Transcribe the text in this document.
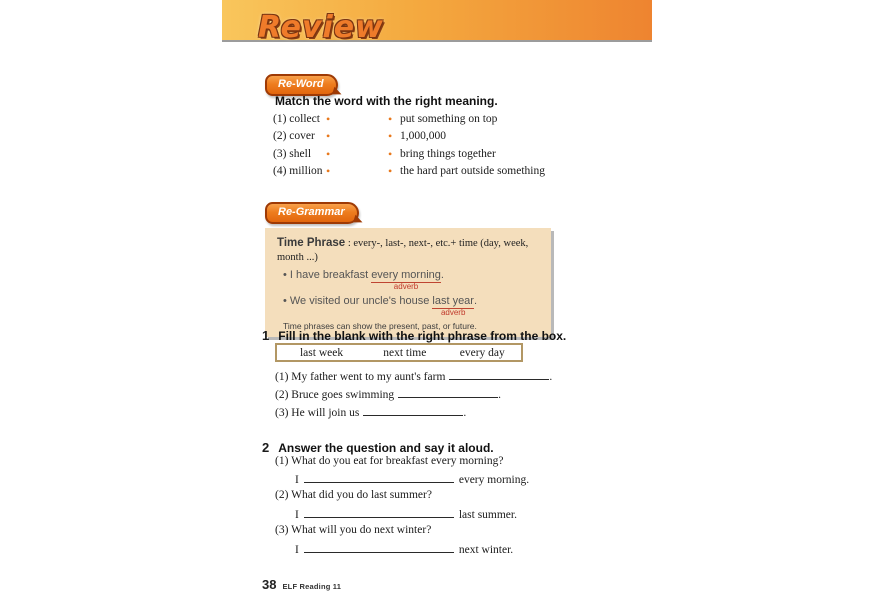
Review
Re-Word
Match the word with the right meaning.
(1) collect •	• put something on top
(2) cover •	• 1,000,000
(3) shell	•	• bring things together
(4) million •	• the hard part outside something
Re-Grammar
Time Phrase : every-, last-, next-, etc.+ time (day, week, month ...)
• I have breakfast every morning
adverb
.
• We visited our uncle's house last year
adverb
.
Time phrases can show the present, past, or future.
1 Fill in the blank with the right phrase from the box.
last week	next time	every day
(1) My father went to my aunt's farm	.
(2) Bruce goes swimming	.
(3) He will join us	.
2 Answer the question and say it aloud.
(1) What do you eat for breakfast every morning?
I	every morning.
(2) What did you do last summer?
I	last summer.
(3) What will you do next winter?
I	next winter.
38 ELF Reading 11
